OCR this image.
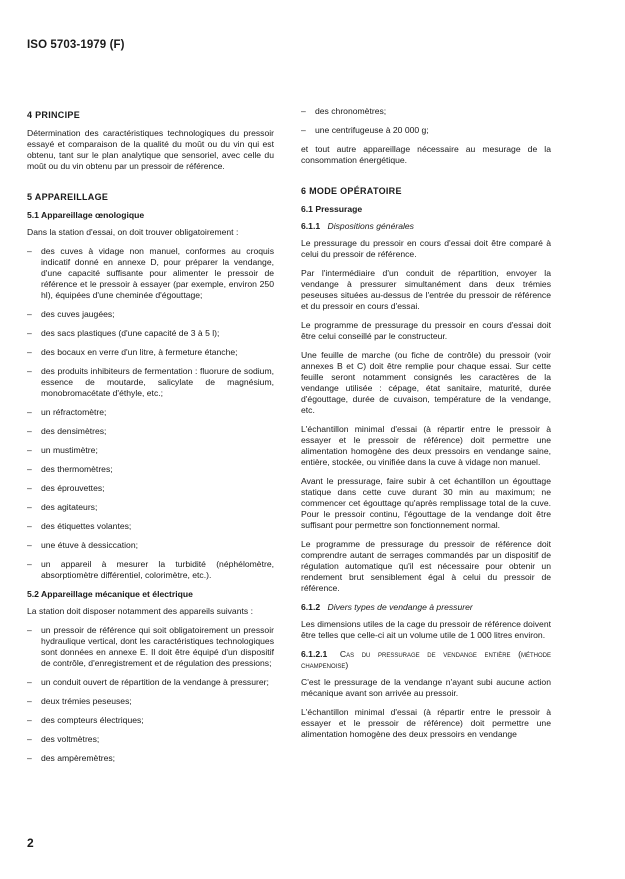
ISO 5703-1979 (F)
4 PRINCIPE

Détermination des caractéristiques technologiques du pressoir essayé et comparaison de la qualité du moût ou du vin qui est obtenu, tant sur le plan analytique que sensoriel, avec celle du moût ou du vin obtenu par un pressoir de référence.

5 APPAREILLAGE
5.1 Appareillage œnologique

Dans la station d'essai, on doit trouver obligatoirement :

–	des cuves à vidage non manuel, conformes au croquis indicatif donné en annexe D, pour préparer la vendange, d'une capacité suffisante pour alimenter le pressoir de référence et le pressoir à essayer (par exemple, environ 250 hl), équipées d'une cheminée d'égouttage;
–	des cuves jaugées;
–	des sacs plastiques (d'une capacité de 3 à 5 l);
–	des bocaux en verre d'un litre, à fermeture étanche;
–	des produits inhibiteurs de fermentation : fluorure de sodium, essence de moutarde, salicylate de magnésium, monobromacétate d'éthyle, etc.;
–	un réfractomètre;
–	des densimètres;
–	un mustimètre;
–	des thermomètres;
–	des éprouvettes;
–	des agitateurs;
–	des étiquettes volantes;
–	une étuve à dessiccation;
–	un appareil à mesurer la turbidité (néphélomètre, absorptiomètre différentiel, colorimètre, etc.).
5.2 Appareillage mécanique et électrique

La station doit disposer notamment des appareils suivants :

–	un pressoir de référence qui soit obligatoirement un pressoir hydraulique vertical, dont les caractéristiques technologiques sont données en annexe E. Il doit être équipé d'un dispositif de contrôle, d'enregistrement et de régulation des pressions;
–	un conduit ouvert de répartition de la vendange à pressurer;
–	deux trémies peseuses;
–	des compteurs électriques;
–	des voltmètres;
–	des ampèremètres;
–	des chronomètres;
–	une centrifugeuse à 20 000 g;

et tout autre appareillage nécessaire au mesurage de la consommation énergétique.

6 MODE OPÉRATOIRE
6.1 Pressurage
6.1.1 Dispositions générales

Le pressurage du pressoir en cours d'essai doit être comparé à celui du pressoir de référence.

Par l'intermédiaire d'un conduit de répartition, envoyer la vendange à pressurer simultanément dans deux trémies peseuses situées au-dessus de l'entrée du pressoir de référence et du pressoir en cours d'essai.

Le programme de pressurage du pressoir en cours d'essai doit être celui conseillé par le constructeur.

Une feuille de marche (ou fiche de contrôle) du pressoir (voir annexes B et C) doit être remplie pour chaque essai. Sur cette feuille seront notamment consignés les caractères de la vendange utilisée : cépage, état sanitaire, maturité, durée d'égouttage, durée de cuvaison, température de la vendange, etc.

L'échantillon minimal d'essai (à répartir entre le pressoir à essayer et le pressoir de référence) doit permettre une alimentation homogène des deux pressoirs en vendange saine, entière, stockée, ou vinifiée dans la cuve à vidage non manuel.

Avant le pressurage, faire subir à cet échantillon un égouttage statique dans cette cuve durant 30 min au maximum; ne commencer cet égouttage qu'après remplissage total de la cuve. Pour le pressoir continu, l'égouttage de la vendange doit être suffisant pour permettre son fonctionnement normal.

Le programme de pressurage du pressoir de référence doit comprendre autant de serrages commandés par un dispositif de régulation automatique qu'il est nécessaire pour obtenir un rendement brut sensiblement égal à celui du pressoir de référence.

6.1.2 Divers types de vendange à pressurer

Les dimensions utiles de la cage du pressoir de référence doivent être telles que celle-ci ait un volume utile de 1 000 litres environ.

6.1.2.1 Cas du pressurage de vendange entière (méthode champenoise)

C'est le pressurage de la vendange n'ayant subi aucune action mécanique avant son arrivée au pressoir.

L'échantillon minimal d'essai (à répartir entre le pressoir à essayer et le pressoir de référence) doit permettre une alimentation homogène des deux pressoirs en vendange

2
